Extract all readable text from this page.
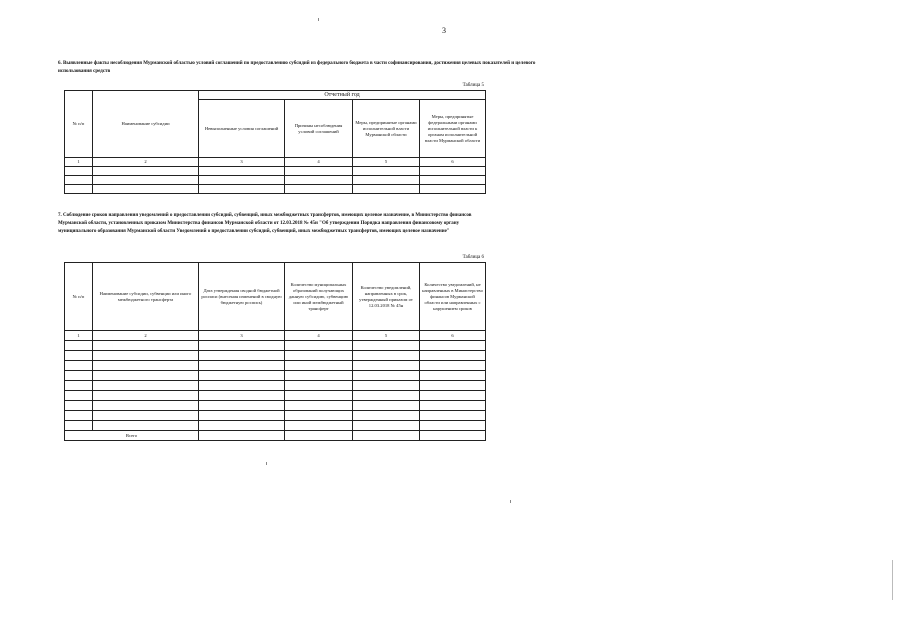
3
6. Выявленные факты несоблюдения Мурманской областью условий соглашений по предоставлению субсидий из федерального бюджета в части софинансирования, достижения целевых показателей и целевого использования средств
Таблица 5
№ п/п	Наименование субсидии	Отчетный год			
		Невыполненные условия соглашений	Причины несоблюдения условий соглашений	Меры, предпринятые органами исполнительной власти Мурманской области	Меры, предпринятые федеральными органами исполнительной власти к органам исполнительной власти Мурманской области
1	2	3	4	5	6

7. Соблюдение сроков направления уведомлений о предоставлении субсидий, субвенций, иных межбюджетных трансфертов, имеющих целевое назначение, в Министерство финансов Мурманской области, установленных приказом Министерства финансов Мурманской области от 12.03.2018 № 45н "Об утверждении Порядка направления финансовому органу муниципального образования Мурманской области Уведомлений о предоставлении субсидий, субвенций, иных межбюджетных трансфертов, имеющих целевое назначение"
Таблица 6
№ п/п	Наименование субсидии, субвенции или иного межбюджетного трансферта	Дата утверждения сводной бюджетной росписи (внесения изменений в сводную бюджетную роспись)	Количество муниципальных образований получающих данную субсидию, субвенцию или иной межбюджетный трансферт	Количество уведомлений, направленных в срок, утвержденный приказом от 12.03.2018 № 45н	Количество уведомлений, не направленных в Министерство финансов Мурманской области или направленных с нарушением сроков
1	2	3	4	5	6

Всего					
